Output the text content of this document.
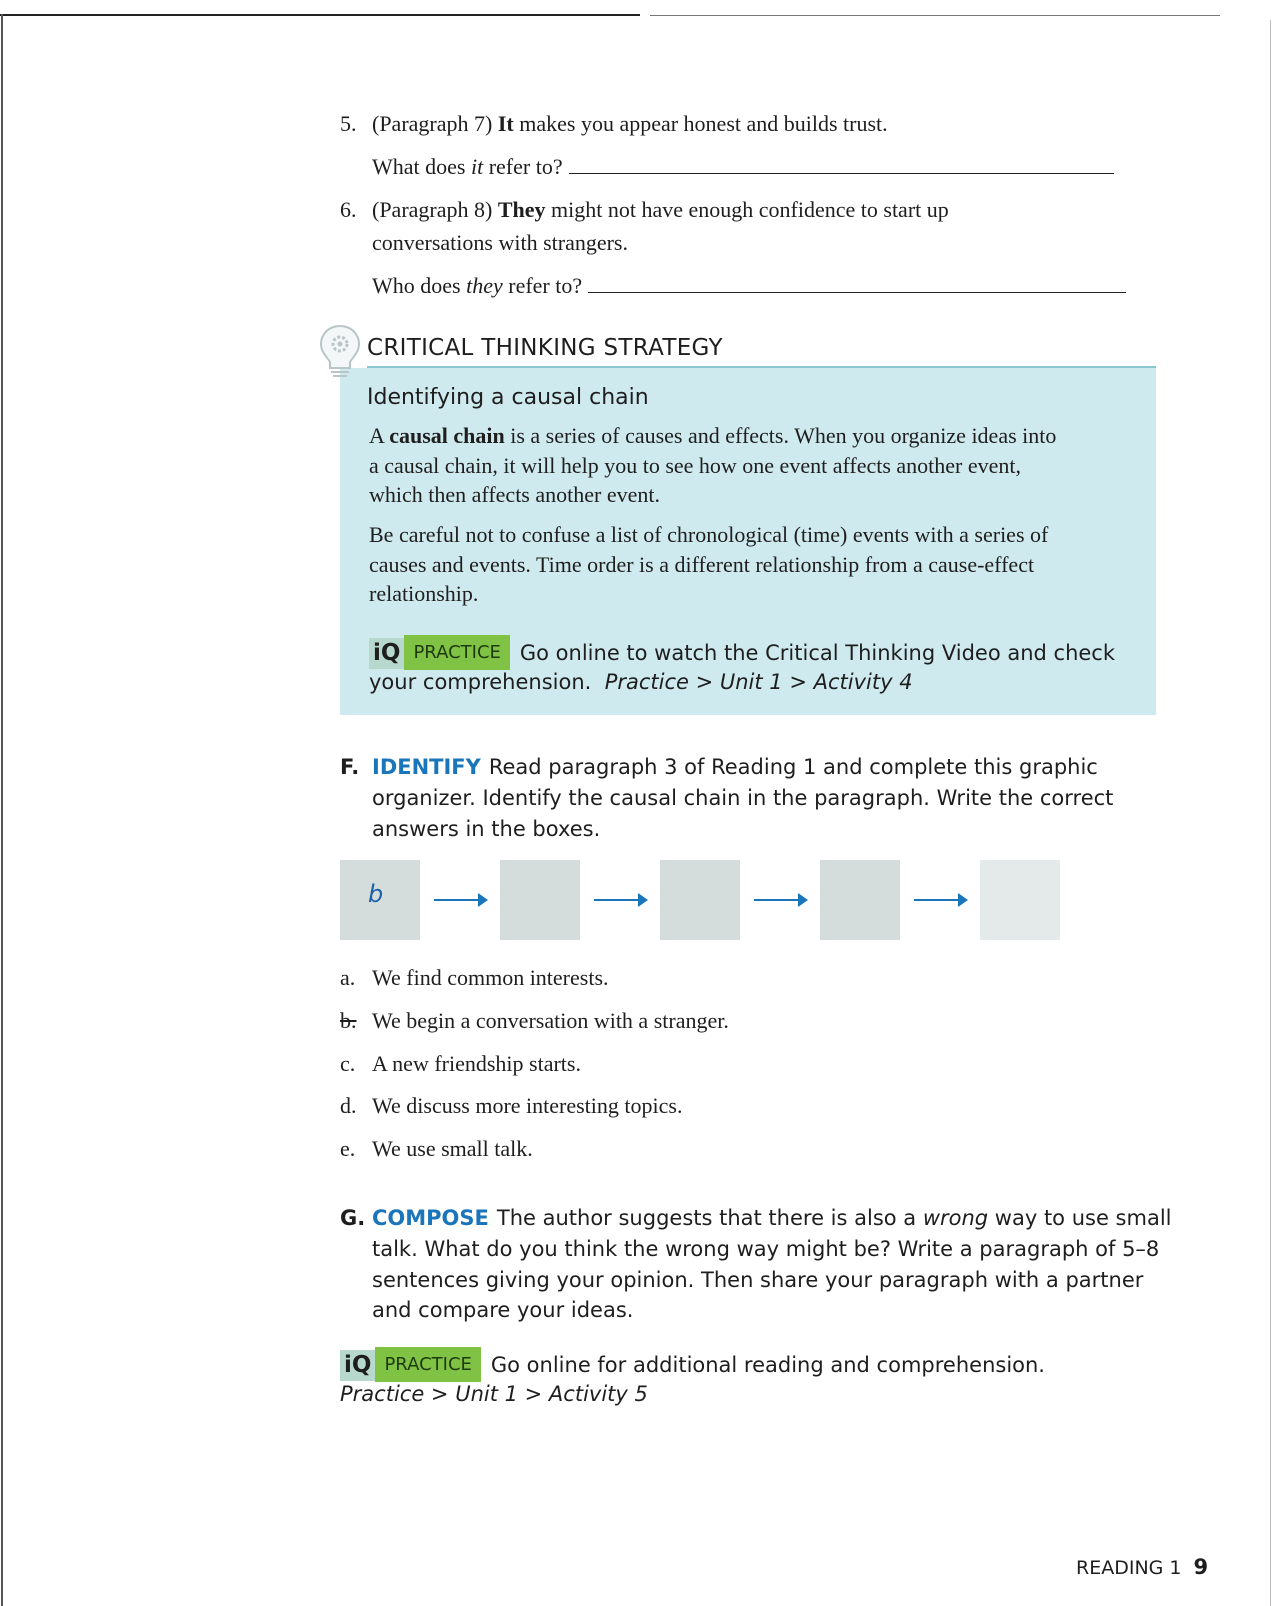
5. (Paragraph 7) It makes you appear honest and builds trust.
What does it refer to?
6. (Paragraph 8) They might not have enough confidence to start up
conversations with strangers.
Who does they refer to?
CRITICAL THINKING STRATEGY
Identifying a causal chain
A causal chain is a series of causes and effects. When you organize ideas into
a causal chain, it will help you to see how one event affects another event,
which then affects another event.
Be careful not to confuse a list of chronological (time) events with a series of
causes and events. Time order is a different relationship from a cause-effect
relationship.
iQ PRACTICE Go online to watch the Critical Thinking Video and check
your comprehension. Practice > Unit 1 > Activity 4
F. IDENTIFY Read paragraph 3 of Reading 1 and complete this graphic
organizer. Identify the causal chain in the paragraph. Write the correct
answers in the boxes.
b
a. We find common interests.
b. We begin a conversation with a stranger.
c. A new friendship starts.
d. We discuss more interesting topics.
e. We use small talk.
G. COMPOSE The author suggests that there is also a wrong way to use small
talk. What do you think the wrong way might be? Write a paragraph of 5–8
sentences giving your opinion. Then share your paragraph with a partner
and compare your ideas.
iQ PRACTICE Go online for additional reading and comprehension.
Practice > Unit 1 > Activity 5
READING 1 9
